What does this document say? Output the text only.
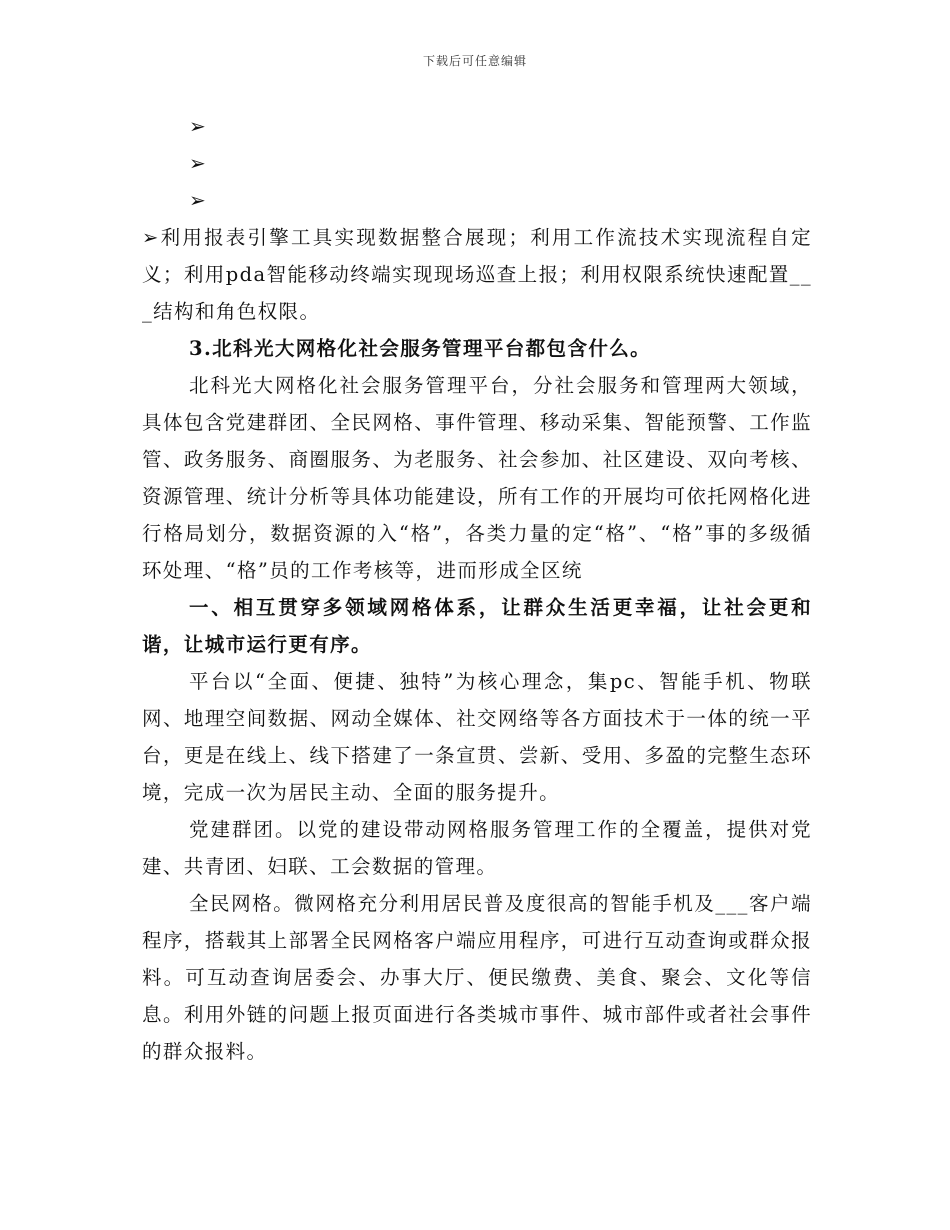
下载后可任意编辑
➢
➢
➢

➢利用报表引擎工具实现数据整合展现；利用工作流技术实现流程自定义；利用pda智能移动终端实现现场巡查上报；利用权限系统快速配置___结构和角色权限。

3.北科光大网格化社会服务管理平台都包含什么。

北科光大网格化社会服务管理平台，分社会服务和管理两大领域，具体包含党建群团、全民网格、事件管理、移动采集、智能预警、工作监管、政务服务、商圈服务、为老服务、社会参加、社区建设、双向考核、资源管理、统计分析等具体功能建设，所有工作的开展均可依托网格化进行格局划分，数据资源的入“格”，各类力量的定“格”、“格”事的多级循环处理、“格”员的工作考核等，进而形成全区统

一、相互贯穿多领域网格体系，让群众生活更幸福，让社会更和谐，让城市运行更有序。

平台以“全面、便捷、独特”为核心理念，集pc、智能手机、物联网、地理空间数据、网动全媒体、社交网络等各方面技术于一体的统一平台，更是在线上、线下搭建了一条宣贯、尝新、受用、多盈的完整生态环境，完成一次为居民主动、全面的服务提升。

党建群团。以党的建设带动网格服务管理工作的全覆盖，提供对党建、共青团、妇联、工会数据的管理。

全民网格。微网格充分利用居民普及度很高的智能手机及___客户端程序，搭载其上部署全民网格客户端应用程序，可进行互动查询或群众报料。可互动查询居委会、办事大厅、便民缴费、美食、聚会、文化等信息。利用外链的问题上报页面进行各类城市事件、城市部件或者社会事件的群众报料。
